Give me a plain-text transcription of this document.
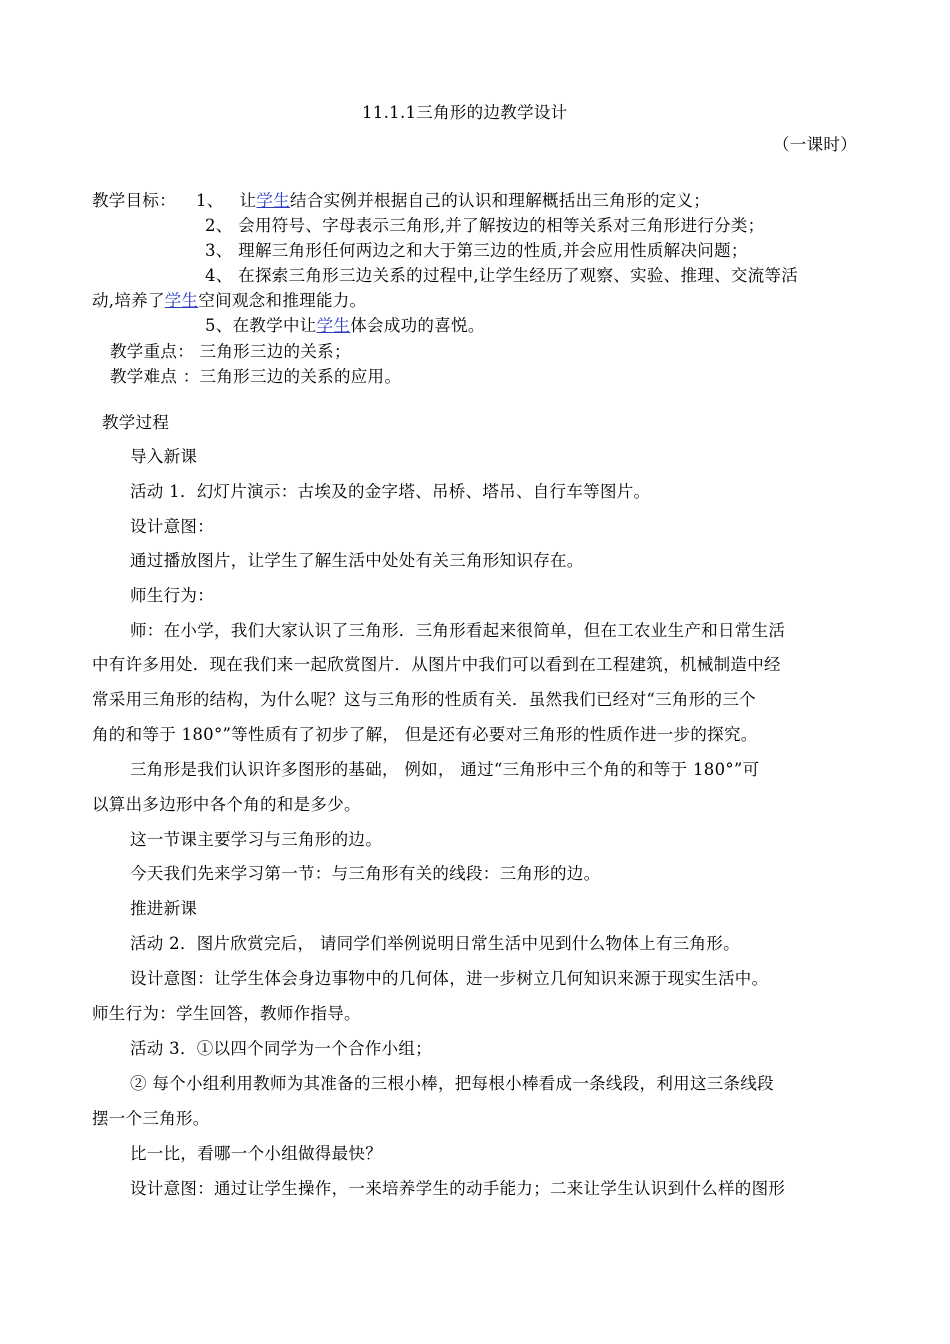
11.1.1三角形的边教学设计
（一课时）
教学目标： 1、 让学生结合实例并根据自己的认识和理解概括出三角形的定义；
2、 会用符号、字母表示三角形,并了解按边的相等关系对三角形进行分类；
3、 理解三角形任何两边之和大于第三边的性质,并会应用性质解决问题；
4、 在探索三角形三边关系的过程中,让学生经历了观察、实验、推理、交流等活
动,培养了学生空间观念和推理能力。
5、在教学中让学生体会成功的喜悦。
教学重点： 三角形三边的关系；
教学难点 ：三角形三边的关系的应用。
教学过程
导入新课
活动 1．幻灯片演示：古埃及的金字塔、吊桥、塔吊、自行车等图片。
设计意图：
通过播放图片，让学生了解生活中处处有关三角形知识存在。
师生行为：
师：在小学，我们大家认识了三角形．三角形看起来很简单，但在工农业生产和日常生活
中有许多用处．现在我们来一起欣赏图片．从图片中我们可以看到在工程建筑，机械制造中经
常采用三角形的结构，为什么呢？这与三角形的性质有关．虽然我们已经对“三角形的三个
角的和等于 180°”等性质有了初步了解， 但是还有必要对三角形的性质作进一步的探究。
三角形是我们认识许多图形的基础， 例如， 通过“三角形中三个角的和等于 180°”可
以算出多边形中各个角的和是多少。
这一节课主要学习与三角形的边。
今天我们先来学习第一节：与三角形有关的线段：三角形的边。
推进新课
活动 2．图片欣赏完后， 请同学们举例说明日常生活中见到什么物体上有三角形。
设计意图：让学生体会身边事物中的几何体，进一步树立几何知识来源于现实生活中。
师生行为：学生回答，教师作指导。
活动 3．①以四个同学为一个合作小组；
② 每个小组利用教师为其准备的三根小棒，把每根小棒看成一条线段，利用这三条线段
摆一个三角形。
比一比，看哪一个小组做得最快？
设计意图：通过让学生操作，一来培养学生的动手能力；二来让学生认识到什么样的图形
